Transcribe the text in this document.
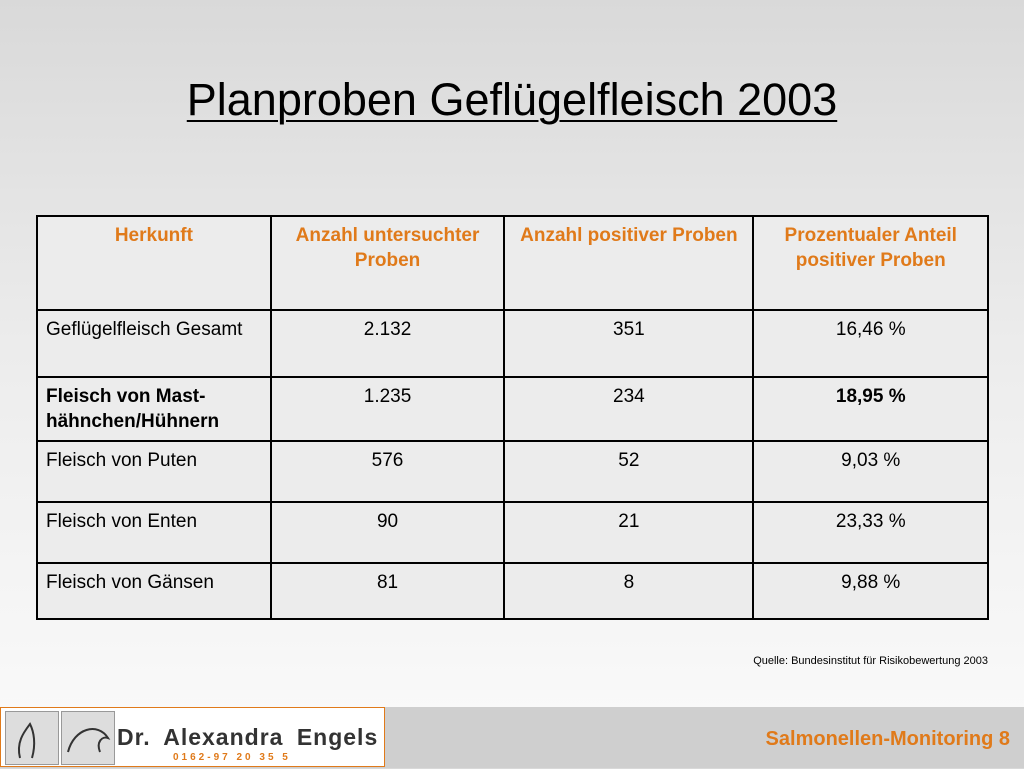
Planproben Geflügelfleisch 2003
Herkunft	Anzahl untersuchter Proben	Anzahl positiver Proben	Prozentualer Anteil positiver Proben
Geflügelfleisch Gesamt	2.132	351	16,46 %
Fleisch von Mast-hähnchen/Hühnern	1.235	234	18,95 %
Fleisch von Puten	576	52	9,03 %
Fleisch von Enten	90	21	23,33 %
Fleisch von Gänsen	81	8	9,88 %
Quelle: Bundesinstitut für Risikobewertung 2003
Dr. Alexandra Engels
0162-97 20 35 5
Salmonellen-Monitoring 8
